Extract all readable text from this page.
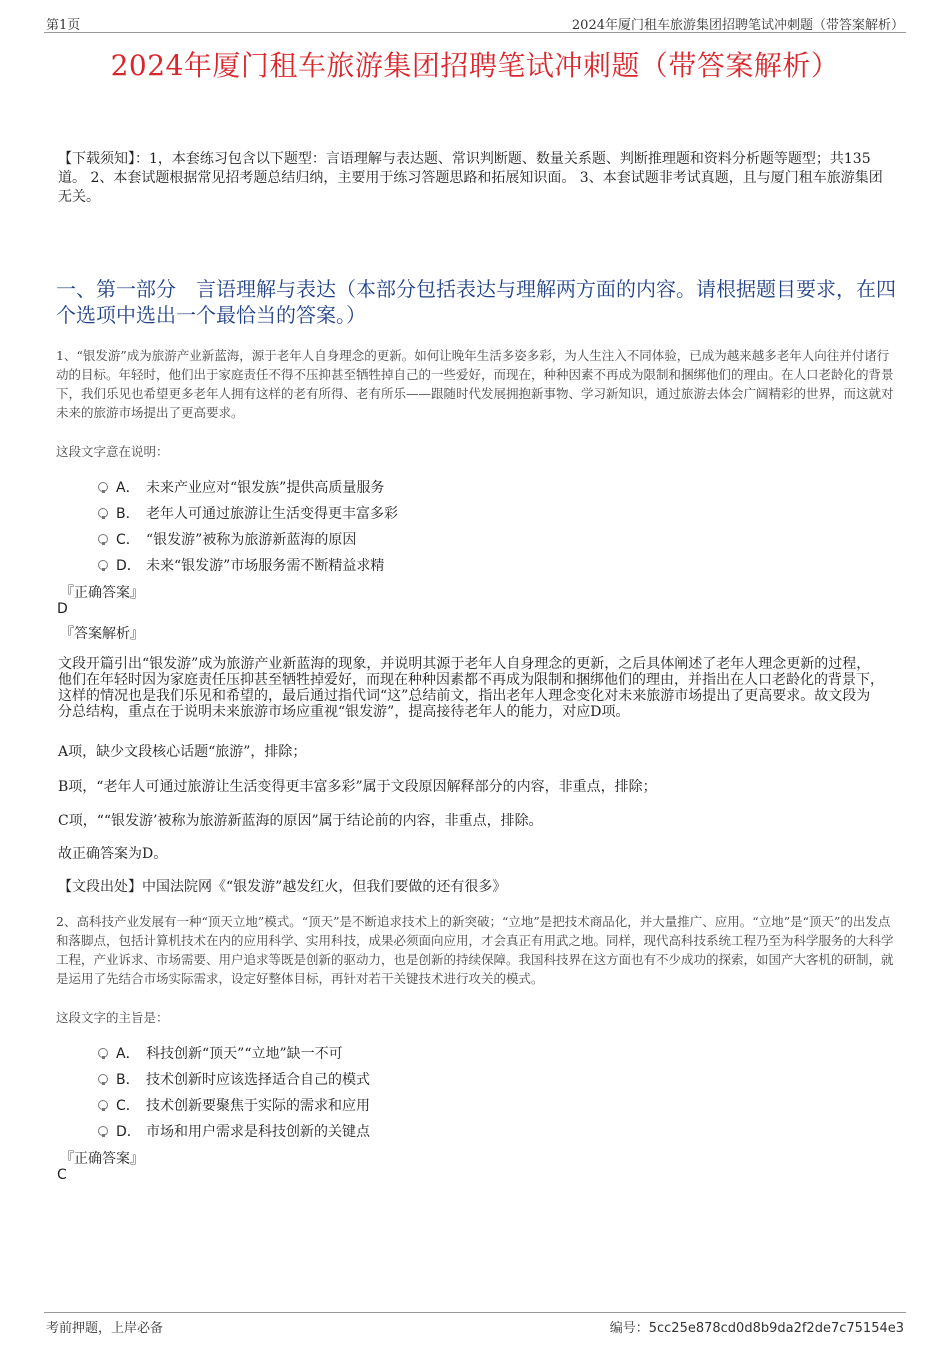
第1页	2024年厦门租车旅游集团招聘笔试冲刺题（带答案解析）
2024年厦门租车旅游集团招聘笔试冲刺题（带答案解析）
【下载须知】：1，本套练习包含以下题型：言语理解与表达题、常识判断题、数量关系题、判断推理题和资料分析题等题型；共135道。 2、本套试题根据常见招考题总结归纳，主要用于练习答题思路和拓展知识面。 3、本套试题非考试真题，且与厦门租车旅游集团无关。
一、第一部分　言语理解与表达（本部分包括表达与理解两方面的内容。请根据题目要求，在四个选项中选出一个最恰当的答案。）
1、“银发游”成为旅游产业新蓝海，源于老年人自身理念的更新。如何让晚年生活多姿多彩，为人生注入不同体验，已成为越来越多老年人向往并付诸行动的目标。年轻时，他们出于家庭责任不得不压抑甚至牺牲掉自己的一些爱好，而现在，种种因素不再成为限制和捆绑他们的理由。在人口老龄化的背景下，我们乐见也希望更多老年人拥有这样的老有所得、老有所乐——跟随时代发展拥抱新事物、学习新知识，通过旅游去体会广阔精彩的世界，而这就对未来的旅游市场提出了更高要求。
这段文字意在说明：
A． 未来产业应对“银发族”提供高质量服务
B． 老年人可通过旅游让生活变得更丰富多彩
C． “银发游”被称为旅游新蓝海的原因
D． 未来“银发游”市场服务需不断精益求精
『正确答案』
D
『答案解析』
文段开篇引出“银发游”成为旅游产业新蓝海的现象，并说明其源于老年人自身理念的更新，之后具体阐述了老年人理念更新的过程，他们在年轻时因为家庭责任压抑甚至牺牲掉爱好，而现在种种因素都不再成为限制和捆绑他们的理由，并指出在人口老龄化的背景下，这样的情况也是我们乐见和希望的，最后通过指代词“这”总结前文，指出老年人理念变化对未来旅游市场提出了更高要求。故文段为分总结构，重点在于说明未来旅游市场应重视“银发游”，提高接待老年人的能力，对应D项。
A项，缺少文段核心话题“旅游”，排除；
B项，“老年人可通过旅游让生活变得更丰富多彩”属于文段原因解释部分的内容，非重点，排除；
C项，““银发游’被称为旅游新蓝海的原因”属于结论前的内容，非重点，排除。
故正确答案为D。
【文段出处】中国法院网《“银发游”越发红火，但我们要做的还有很多》
2、高科技产业发展有一种“顶天立地”模式。“顶天”是不断追求技术上的新突破；“立地”是把技术商品化，并大量推广、应用。“立地”是“顶天”的出发点和落脚点，包括计算机技术在内的应用科学、实用科技，成果必须面向应用，才会真正有用武之地。同样，现代高科技系统工程乃至为科学服务的大科学工程，产业诉求、市场需要、用户追求等既是创新的驱动力，也是创新的持续保障。我国科技界在这方面也有不少成功的探索，如国产大客机的研制，就是运用了先结合市场实际需求，设定好整体目标，再针对若干关键技术进行攻关的模式。
这段文字的主旨是：
A． 科技创新“顶天”“立地”缺一不可
B． 技术创新时应该选择适合自己的模式
C． 技术创新要聚焦于实际的需求和应用
D． 市场和用户需求是科技创新的关键点
『正确答案』
C
考前押题，上岸必备	编号：5cc25e878cd0d8b9da2f2de7c75154e3
